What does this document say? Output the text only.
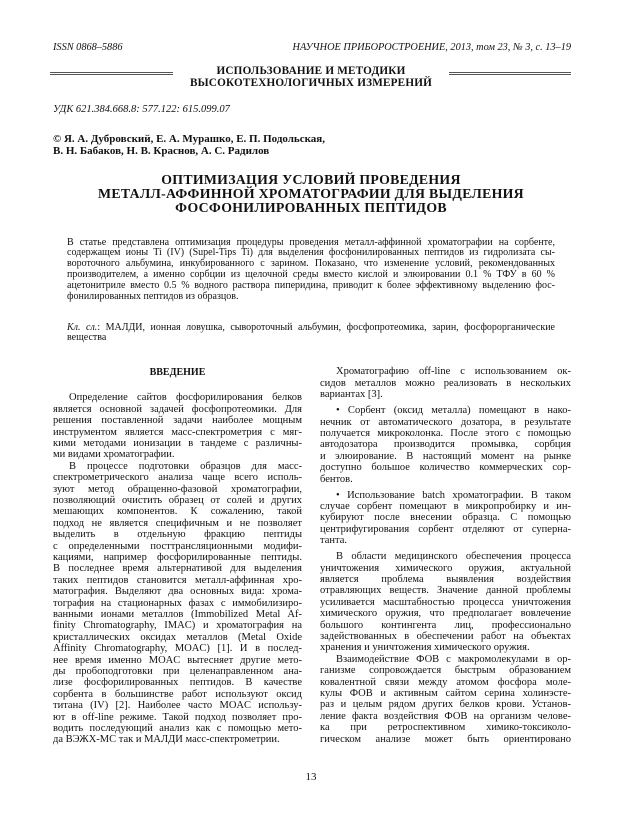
ISSN 0868–5886	НАУЧНОЕ ПРИБОРОСТРОЕНИЕ, 2013, том 23, № 3, с. 13–19
ИСПОЛЬЗОВАНИЕ И МЕТОДИКИ
ВЫСОКОТЕХНОЛОГИЧНЫХ ИЗМЕРЕНИЙ
УДК 621.384.668.8: 577.122: 615.099.07
© Я. А. Дубровский, Е. А. Мурашко, Е. П. Подольская,
В. Н. Бабаков, Н. В. Краснов, А. С. Радилов
ОПТИМИЗАЦИЯ УСЛОВИЙ ПРОВЕДЕНИЯ
МЕТАЛЛ-АФФИННОЙ ХРОМАТОГРАФИИ ДЛЯ ВЫДЕЛЕНИЯ
ФОСФОНИЛИРОВАННЫХ ПЕПТИДОВ
В статье представлена оптимизация процедуры проведения металл-аффинной хроматографии на сорбенте,
содержащем ионы Ti (IV) (Supel-Tips Ti) для выделения фосфонилированных пептидов из гидролизата сы-
вороточного альбумина, инкубированного с зарином. Показано, что изменение условий, рекомендованных
производителем, а именно сорбции из щелочной среды вместо кислой и элюировании 0.1 % ТФУ в 60 %
ацетонитриле вместо 0.5 % водного раствора пиперидина, приводит к более эффективному выделению фос-
фонилированных пептидов из образцов.
Кл. сл.: МАЛДИ, ионная ловушка, сывороточный альбумин, фосфопротеомика, зарин, фосфорорганические
вещества
ВВЕДЕНИЕ
Определение сайтов фосфорилирования белков
является основной задачей фосфопротеомики. Для
решения поставленной задачи наиболее мощным
инструментом является масс-спектрометрия с мяг-
кими методами ионизации в тандеме с различны-
ми видами хроматографии.
В процессе подготовки образцов для масс-
спектрометрического анализа чаще всего исполь-
зуют метод обращенно-фазовой хроматографии,
позволяющий очистить образец от солей и других
мешающих компонентов. К сожалению, такой
подход не является специфичным и не позволяет
выделить в отдельную фракцию пептиды
с определенными посттрансляционными модифи-
кациями, например фосфорилированные пептиды.
В последнее время альтернативой для выделения
таких пептидов становится металл-аффинная хро-
матография. Выделяют два основных вида: хрома-
тография на стационарных фазах с иммобилизиро-
ванными ионами металлов (Immobilized Metal Af-
finity Chromatography, IMAC) и хроматография на
кристаллических оксидах металлов (Metal Oxide
Affinity Chromatography, MOAC) [1]. И в послед-
нее время именно MOAC вытесняет другие мето-
ды пробоподготовки при целенаправленном ана-
лизе фосфорилированных пептидов. В качестве
сорбента в большинстве работ используют оксид
титана (IV) [2]. Наиболее часто MOAC использу-
ют в off-line режиме. Такой подход позволяет про-
водить последующий анализ как с помощью мето-
да ВЭЖХ-МС так и МАЛДИ масс-спектрометрии.
Хроматографию off-line с использованием ок-
сидов металлов можно реализовать в нескольких
вариантах [3].
• Сорбент (оксид металла) помещают в нако-
нечник от автоматического дозатора, в результате
получается микроколонка. После этого с помощью
автодозатора производится промывка, сорбция
и элюирование. В настоящий момент на рынке
доступно большое количество коммерческих сор-
бентов.
• Использование batch хроматографии. В таком
случае сорбент помещают в микропробирку и ин-
кубируют после внесении образца. С помощью
центрифугирования сорбент отделяют от суперна-
танта.
В области медицинского обеспечения процесса
уничтожения химического оружия, актуальной
является проблема выявления воздействия
отравляющих веществ. Значение данной проблемы
усиливается масштабностью процесса уничтожения
химического оружия, что предполагает вовлечение
большого контингента лиц, профессионально
задействованных в обеспечении работ на объектах
хранения и уничтожения химического оружия.
Взаимодействие ФОВ с макромолекулами в ор-
ганизме сопровождается быстрым образованием
ковалентной связи между атомом фосфора моле-
кулы ФОВ и активным сайтом серина холинэсте-
раз и целым рядом других белков крови. Установ-
ление факта воздействия ФОВ на организм челове-
ка при ретроспективном химико-токсиколо-
гическом анализе может быть ориентировано
13
